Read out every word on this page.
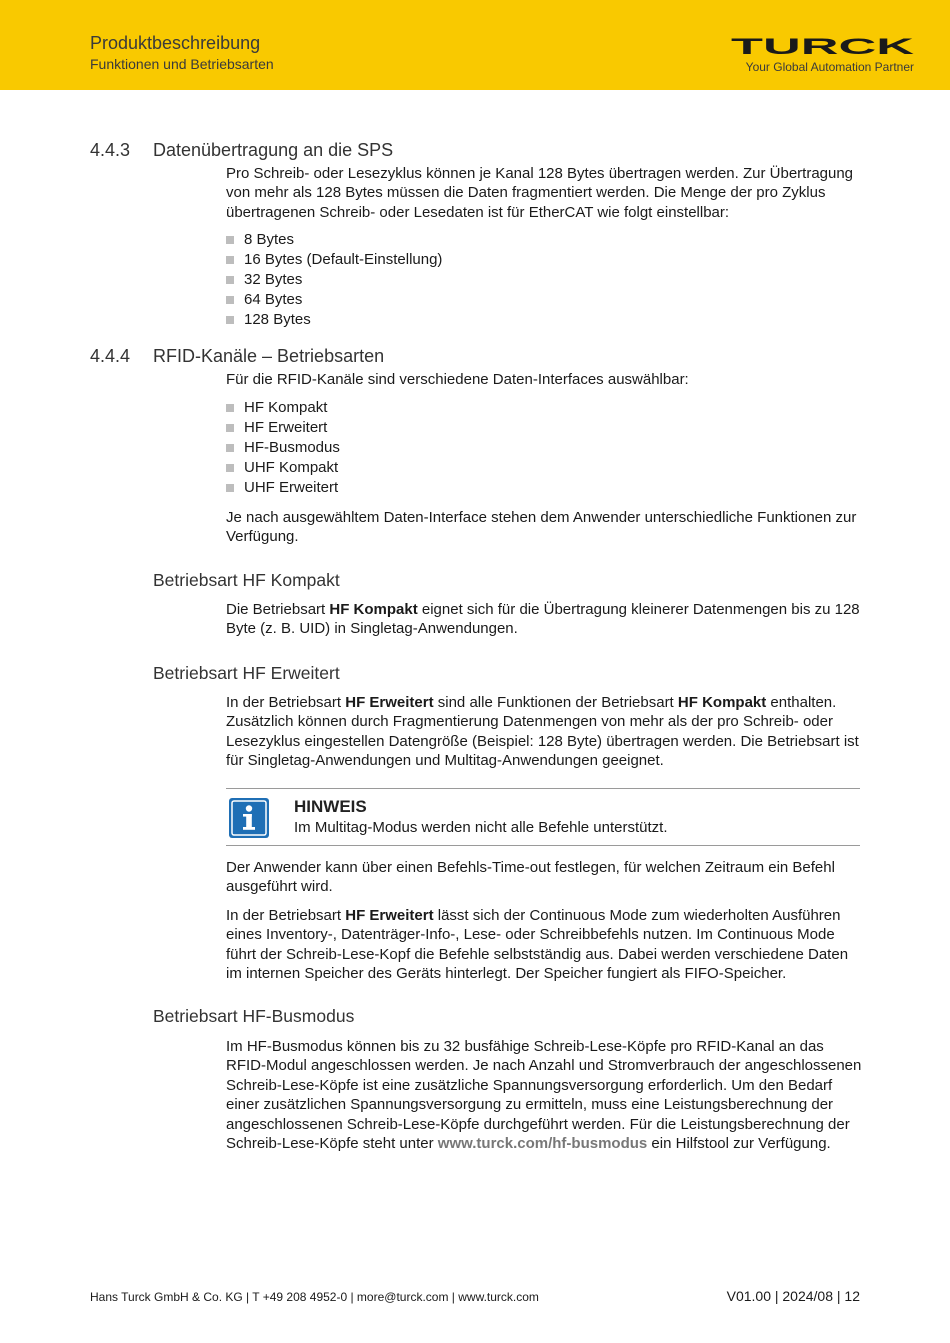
Produktbeschreibung
Funktionen und Betriebsarten
TURCK
Your Global Automation Partner
4.4.3 Datenübertragung an die SPS
Pro Schreib- oder Lesezyklus können je Kanal 128 Bytes übertragen werden. Zur Übertragung von mehr als 128 Bytes müssen die Daten fragmentiert werden. Die Menge der pro Zyklus übertragenen Schreib- oder Lesedaten ist für EtherCAT wie folgt einstellbar:
8 Bytes
16 Bytes (Default-Einstellung)
32 Bytes
64 Bytes
128 Bytes
4.4.4 RFID-Kanäle – Betriebsarten
Für die RFID-Kanäle sind verschiedene Daten-Interfaces auswählbar:
HF Kompakt
HF Erweitert
HF-Busmodus
UHF Kompakt
UHF Erweitert
Je nach ausgewähltem Daten-Interface stehen dem Anwender unterschiedliche Funktionen zur Verfügung.
Betriebsart HF Kompakt
Die Betriebsart HF Kompakt eignet sich für die Übertragung kleinerer Datenmengen bis zu 128 Byte (z. B. UID) in Singletag-Anwendungen.
Betriebsart HF Erweitert
In der Betriebsart HF Erweitert sind alle Funktionen der Betriebsart HF Kompakt enthalten. Zusätzlich können durch Fragmentierung Datenmengen von mehr als der pro Schreib- oder Lesezyklus eingestellen Datengröße (Beispiel: 128 Byte) übertragen werden. Die Betriebsart ist für Singletag-Anwendungen und Multitag-Anwendungen geeignet.
HINWEIS
Im Multitag-Modus werden nicht alle Befehle unterstützt.
Der Anwender kann über einen Befehls-Time-out festlegen, für welchen Zeitraum ein Befehl ausgeführt wird.
In der Betriebsart HF Erweitert lässt sich der Continuous Mode zum wiederholten Ausführen eines Inventory-, Datenträger-Info-, Lese- oder Schreibbefehls nutzen. Im Continuous Mode führt der Schreib-Lese-Kopf die Befehle selbstständig aus. Dabei werden verschiedene Daten im internen Speicher des Geräts hinterlegt. Der Speicher fungiert als FIFO-Speicher.
Betriebsart HF-Busmodus
Im HF-Busmodus können bis zu 32 busfähige Schreib-Lese-Köpfe pro RFID-Kanal an das RFID-Modul angeschlossen werden. Je nach Anzahl und Stromverbrauch der angeschlossenen Schreib-Lese-Köpfe ist eine zusätzliche Spannungsversorgung erforderlich. Um den Bedarf einer zusätzlichen Spannungsversorgung zu ermitteln, muss eine Leistungsberechnung der angeschlossenen Schreib-Lese-Köpfe durchgeführt werden. Für die Leistungsberechnung der Schreib-Lese-Köpfe steht unter www.turck.com/hf-busmodus ein Hilfstool zur Verfügung.
Hans Turck GmbH & Co. KG | T +49 208 4952-0 | more@turck.com | www.turck.com	V01.00 | 2024/08 | 12
